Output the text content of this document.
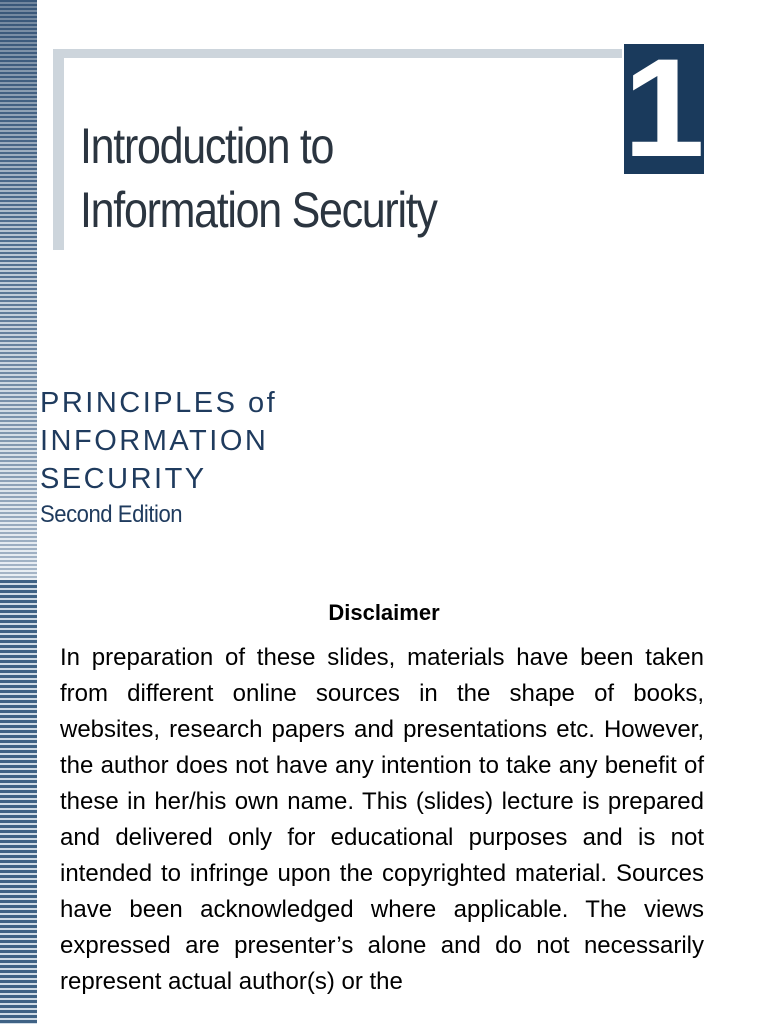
1
Introduction to
Information Security
PRINCIPLES of
INFORMATION
SECURITY
Second Edition
Disclaimer
In preparation of these slides, materials have been taken from different online sources in the shape of books, websites, research papers and presentations etc. However, the author does not have any intention to take any benefit of these in her/his own name. This (slides) lecture is prepared and delivered only for educational purposes and is not intended to infringe upon the copyrighted material. Sources have been acknowledged where applicable. The views expressed are presenter’s alone and do not necessarily represent actual author(s) or the
